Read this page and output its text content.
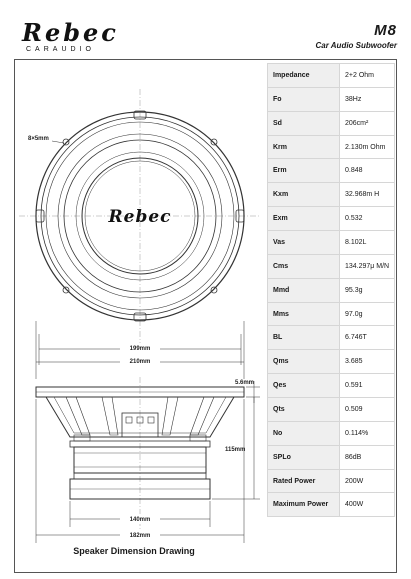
Rebec
CARAUDIO
M8
Car Audio Subwoofer
8×5mm
Rebec
199mm
210mm
5.6mm
115mm
140mm
182mm
Speaker Dimension Drawing
Impedance	2+2 Ohm
Fo	38Hz
Sd	206cm²
Krm	2.130m Ohm
Erm	0.848
Kxm	32.968m H
Exm	0.532
Vas	8.102L
Cms	134.297μ M/N
Mmd	95.3g
Mms	97.0g
BL	6.746T
Qms	3.685
Qes	0.591
Qts	0.509
No	0.114%
SPLo	86dB
Rated Power	200W
Maximum Power	400W
